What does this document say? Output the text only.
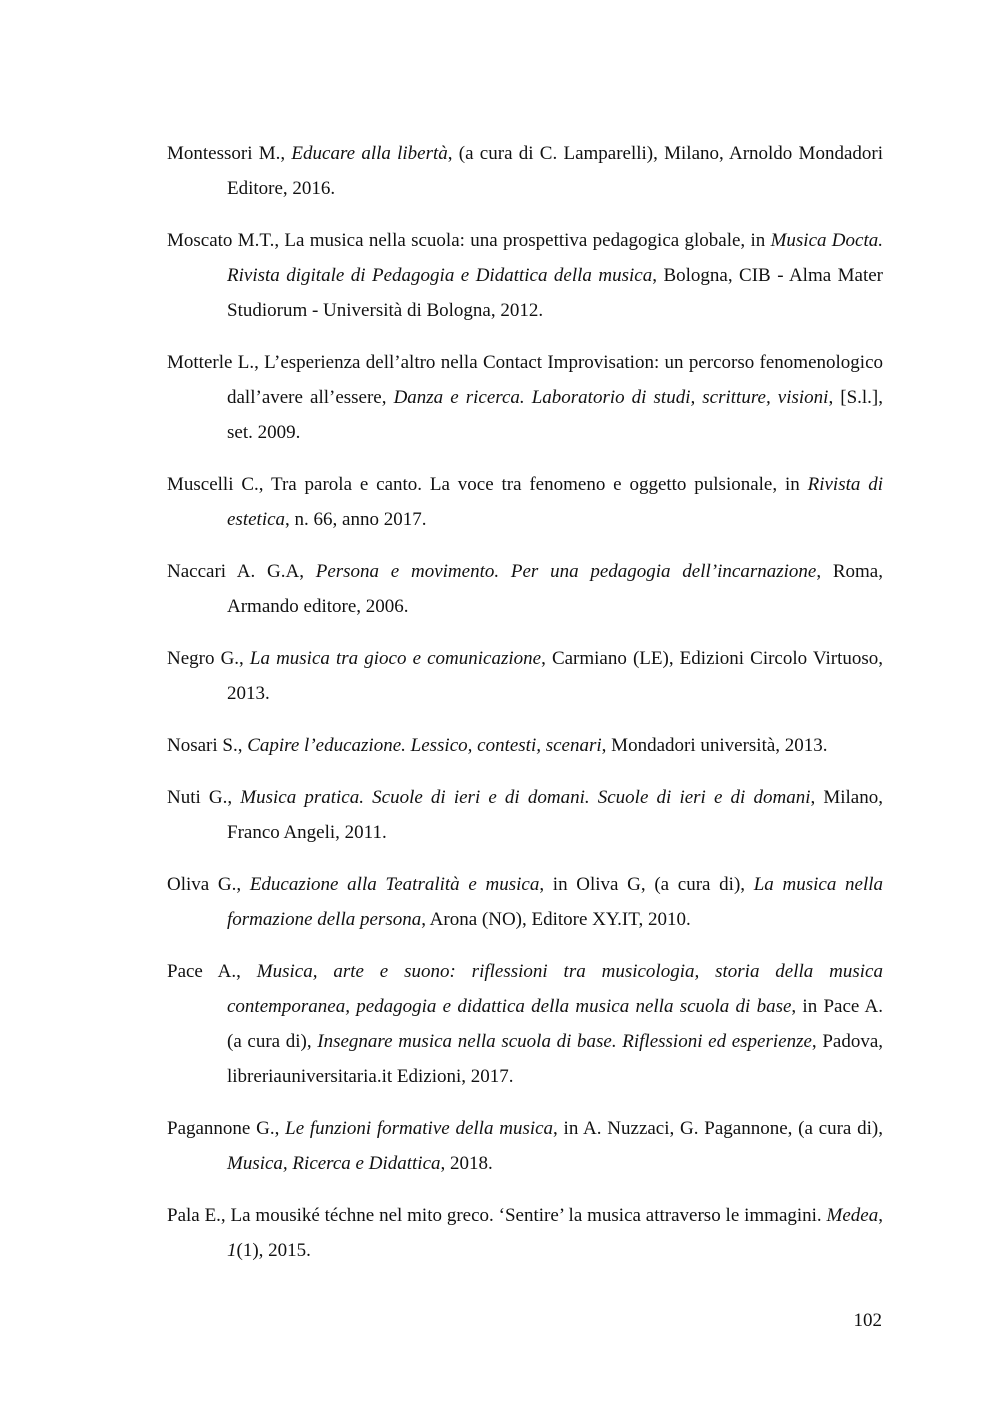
Montessori M., Educare alla libertà, (a cura di C. Lamparelli), Milano, Arnoldo Mondadori Editore, 2016.
Moscato M.T., La musica nella scuola: una prospettiva pedagogica globale, in Musica Docta. Rivista digitale di Pedagogia e Didattica della musica, Bologna, CIB - Alma Mater Studiorum - Università di Bologna, 2012.
Motterle L., L’esperienza dell’altro nella Contact Improvisation: un percorso fenomenologico dall’avere all’essere, Danza e ricerca. Laboratorio di studi, scritture, visioni, [S.l.], set. 2009.
Muscelli C., Tra parola e canto. La voce tra fenomeno e oggetto pulsionale, in Rivista di estetica, n. 66, anno 2017.
Naccari A. G.A, Persona e movimento. Per una pedagogia dell’incarnazione, Roma, Armando editore, 2006.
Negro G., La musica tra gioco e comunicazione, Carmiano (LE), Edizioni Circolo Virtuoso, 2013.
Nosari S., Capire l’educazione. Lessico, contesti, scenari, Mondadori università, 2013.
Nuti G., Musica pratica. Scuole di ieri e di domani. Scuole di ieri e di domani, Milano, Franco Angeli, 2011.
Oliva G., Educazione alla Teatralità e musica, in Oliva G, (a cura di), La musica nella formazione della persona, Arona (NO), Editore XY.IT, 2010.
Pace A., Musica, arte e suono: riflessioni tra musicologia, storia della musica contemporanea, pedagogia e didattica della musica nella scuola di base, in Pace A. (a cura di), Insegnare musica nella scuola di base. Riflessioni ed esperienze, Padova, libreriauniversitaria.it Edizioni, 2017.
Pagannone G., Le funzioni formative della musica, in A. Nuzzaci, G. Pagannone, (a cura di), Musica, Ricerca e Didattica, 2018.
Pala E., La mousiké téchne nel mito greco. ‘Sentire’ la musica attraverso le immagini. Medea, 1(1), 2015.
102
